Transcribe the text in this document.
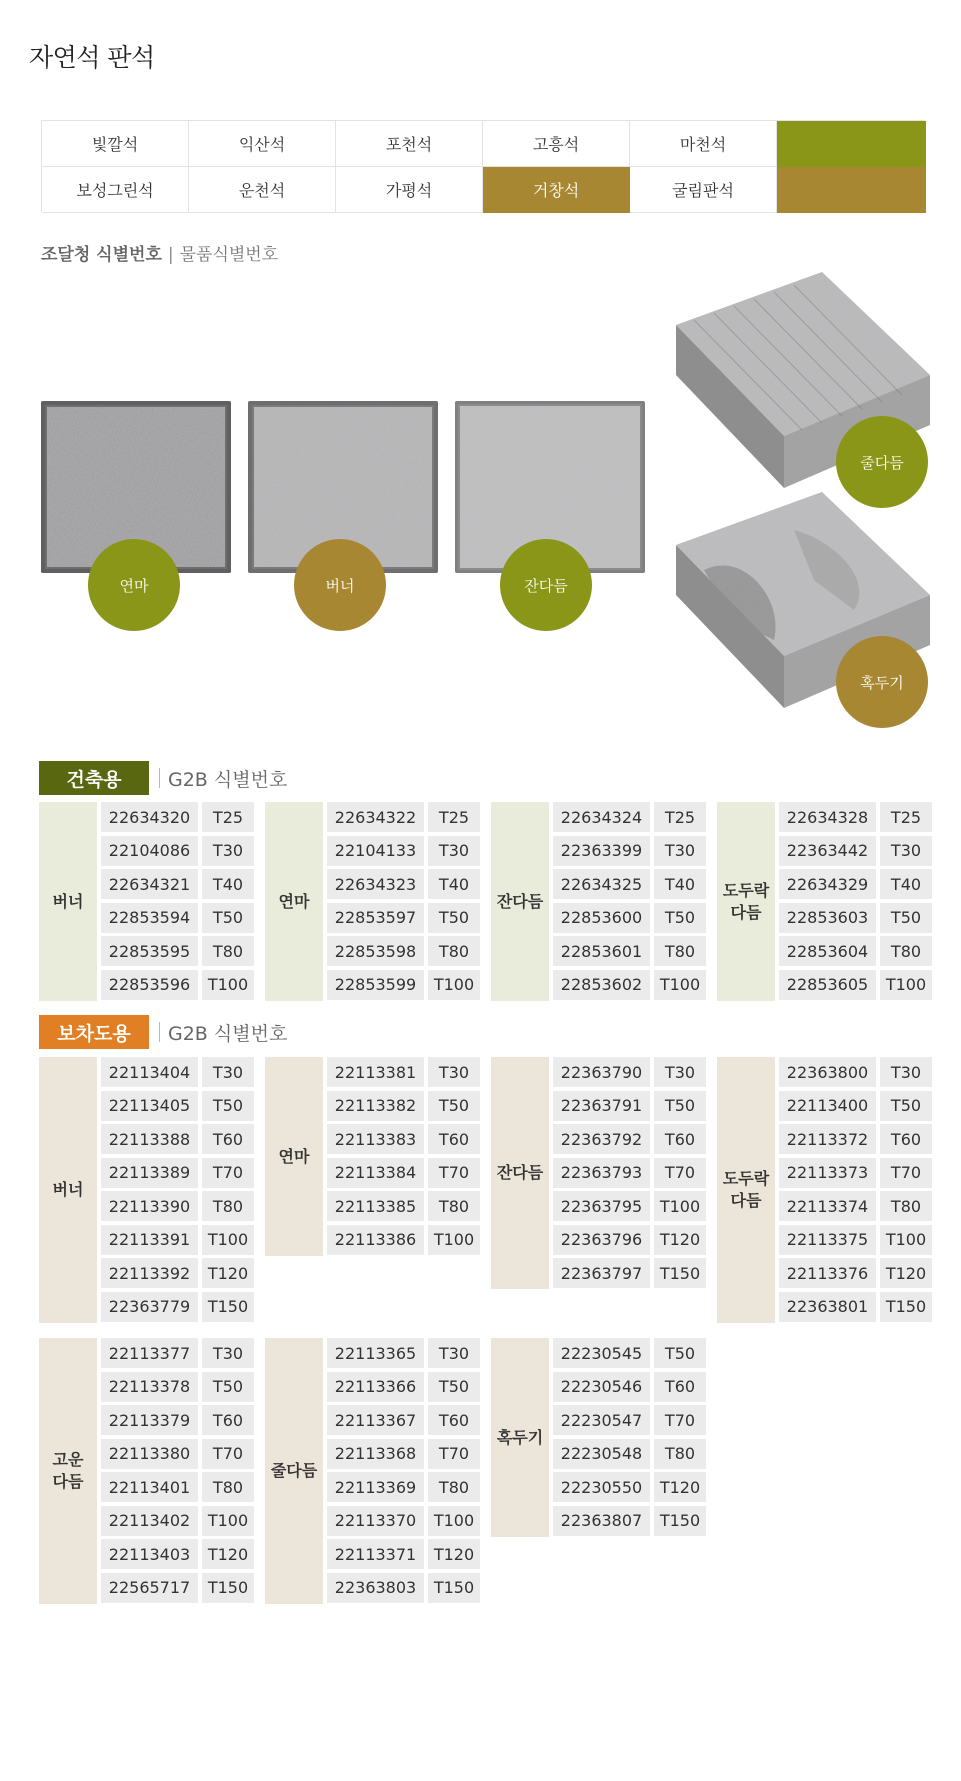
자연석 판석
빛깔석	익산석	포천석	고흥석	마천석
보성그린석	운천석	가평석	거창석	굴림판석
조달청 식별번호 | 물품식별번호
연마	버너	잔다듬
줄다듬
혹두기
건축용	G2B 식별번호
버너
22634320	T25
22104086	T30
22634321	T40
22853594	T50
22853595	T80
22853596	T100
연마
22634322	T25
22104133	T30
22634323	T40
22853597	T50
22853598	T80
22853599	T100
잔다듬
22634324	T25
22363399	T30
22634325	T40
22853600	T50
22853601	T80
22853602	T100
도두락
다듬
22634328	T25
22363442	T30
22634329	T40
22853603	T50
22853604	T80
22853605	T100
보차도용	G2B 식별번호
버너
22113404	T30
22113405	T50
22113388	T60
22113389	T70
22113390	T80
22113391	T100
22113392	T120
22363779	T150
연마
22113381	T30
22113382	T50
22113383	T60
22113384	T70
22113385	T80
22113386	T100
잔다듬
22363790	T30
22363791	T50
22363792	T60
22363793	T70
22363795	T100
22363796	T120
22363797	T150
도두락
다듬
22363800	T30
22113400	T50
22113372	T60
22113373	T70
22113374	T80
22113375	T100
22113376	T120
22363801	T150
고운
다듬
22113377	T30
22113378	T50
22113379	T60
22113380	T70
22113401	T80
22113402	T100
22113403	T120
22565717	T150
줄다듬
22113365	T30
22113366	T50
22113367	T60
22113368	T70
22113369	T80
22113370	T100
22113371	T120
22363803	T150
혹두기
22230545	T50
22230546	T60
22230547	T70
22230548	T80
22230550	T120
22363807	T150
